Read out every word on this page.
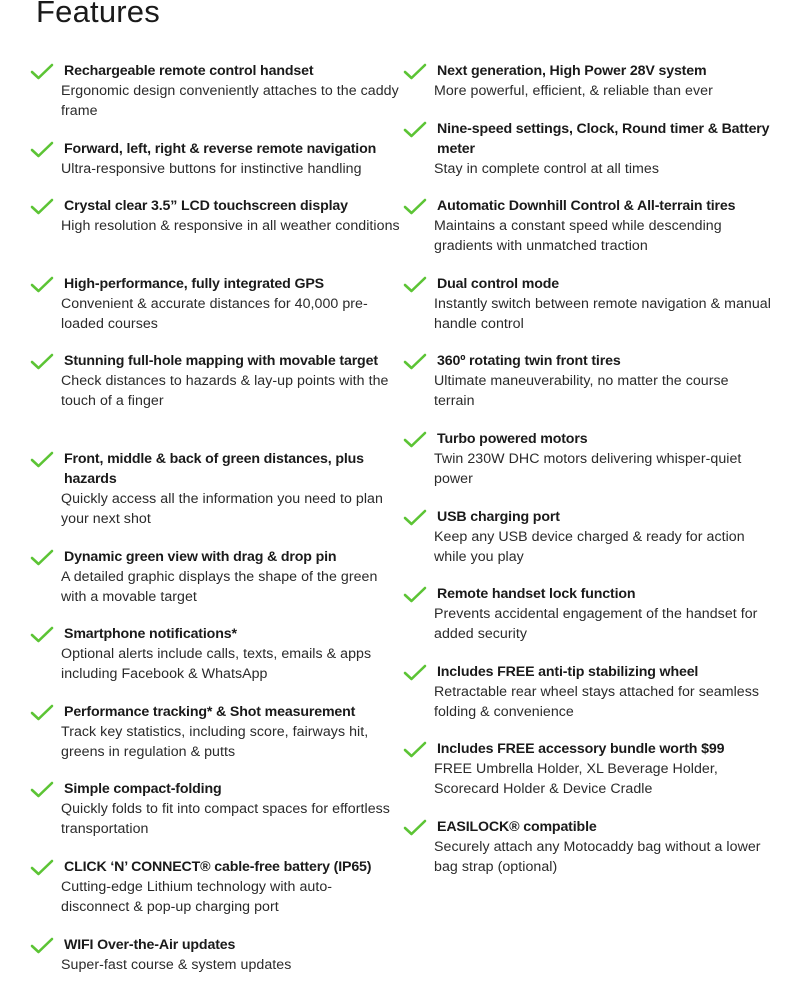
Features
Rechargeable remote control handset
Ergonomic design conveniently attaches to the caddy frame
Forward, left, right & reverse remote navigation
Ultra-responsive buttons for instinctive handling
Crystal clear 3.5” LCD touchscreen display
High resolution & responsive in all weather conditions
High-performance, fully integrated GPS
Convenient & accurate distances for 40,000 pre-loaded courses
Stunning full-hole mapping with movable target
Check distances to hazards & lay-up points with the touch of a finger
Front, middle & back of green distances, plus hazards
Quickly access all the information you need to plan your next shot
Dynamic green view with drag & drop pin
A detailed graphic displays the shape of the green with a movable target
Smartphone notifications*
Optional alerts include calls, texts, emails & apps including Facebook & WhatsApp
Performance tracking* & Shot measurement
Track key statistics, including score, fairways hit, greens in regulation & putts
Simple compact-folding
Quickly folds to fit into compact spaces for effortless transportation
CLICK ‘N’ CONNECT® cable-free battery (IP65)
Cutting-edge Lithium technology with auto-disconnect & pop-up charging port
WIFI Over-the-Air updates
Super-fast course & system updates
Next generation, High Power 28V system
More powerful, efficient, & reliable than ever
Nine-speed settings, Clock, Round timer & Battery meter
Stay in complete control at all times
Automatic Downhill Control & All-terrain tires
Maintains a constant speed while descending gradients with unmatched traction
Dual control mode
Instantly switch between remote navigation & manual handle control
360º rotating twin front tires
Ultimate maneuverability, no matter the course terrain
Turbo powered motors
Twin 230W DHC motors delivering whisper-quiet power
USB charging port
Keep any USB device charged & ready for action while you play
Remote handset lock function
Prevents accidental engagement of the handset for added security
Includes FREE anti-tip stabilizing wheel
Retractable rear wheel stays attached for seamless folding & convenience
Includes FREE accessory bundle worth $99
FREE Umbrella Holder, XL Beverage Holder, Scorecard Holder & Device Cradle
EASILOCK® compatible
Securely attach any Motocaddy bag without a lower bag strap (optional)
